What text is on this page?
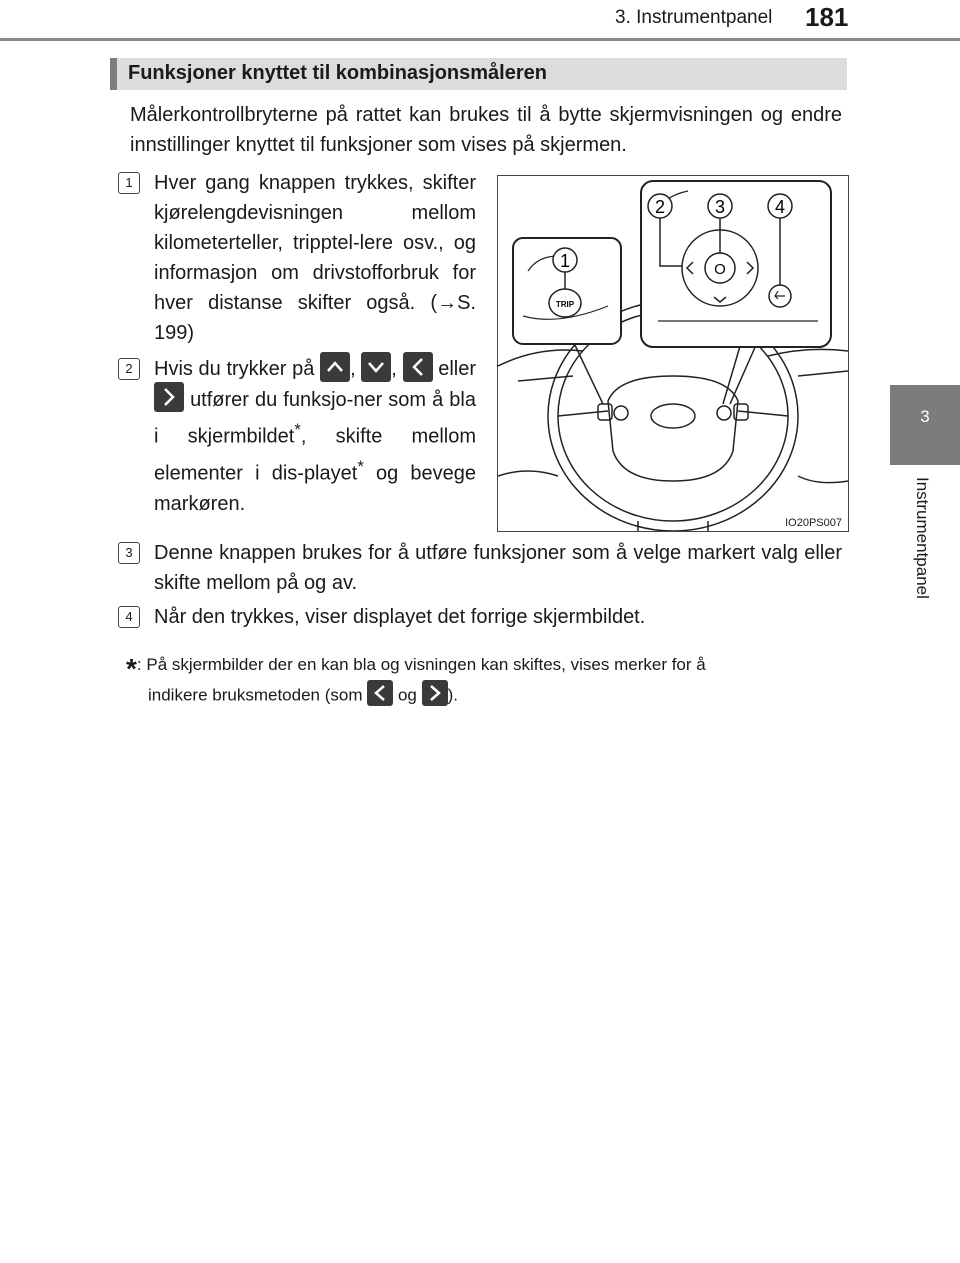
3. Instrumentpanel 181
3
Instrumentpanel
Funksjoner knyttet til kombinasjonsmåleren
Målerkontrollbryterne på rattet kan brukes til å bytte skjermvisningen og endre innstillinger knyttet til funksjoner som vises på skjermen.
1	Hver gang knappen trykkes, skifter kjørelengdevisningen mellom kilometerteller, tripptel-lere osv., og informasjon om drivstofforbruk for hver distanse skifter også. (→S. 199)
2	Hvis du trykker på ,
,
eller
utfører du funksjo-ner som å bla i skjermbildet*, skifte mellom elementer i dis-playet* og bevege markøren.
TRIP
1	O
2	3	4
IO20PS007
3	Denne knappen brukes for å utføre funksjoner som å velge markert valg eller skifte mellom på og av.
4	Når den trykkes, viser displayet det forrige skjermbildet.
*: På skjermbilder der en kan bla og visningen kan skiftes, vises merker for å
indikere bruksmetoden (som og ).
